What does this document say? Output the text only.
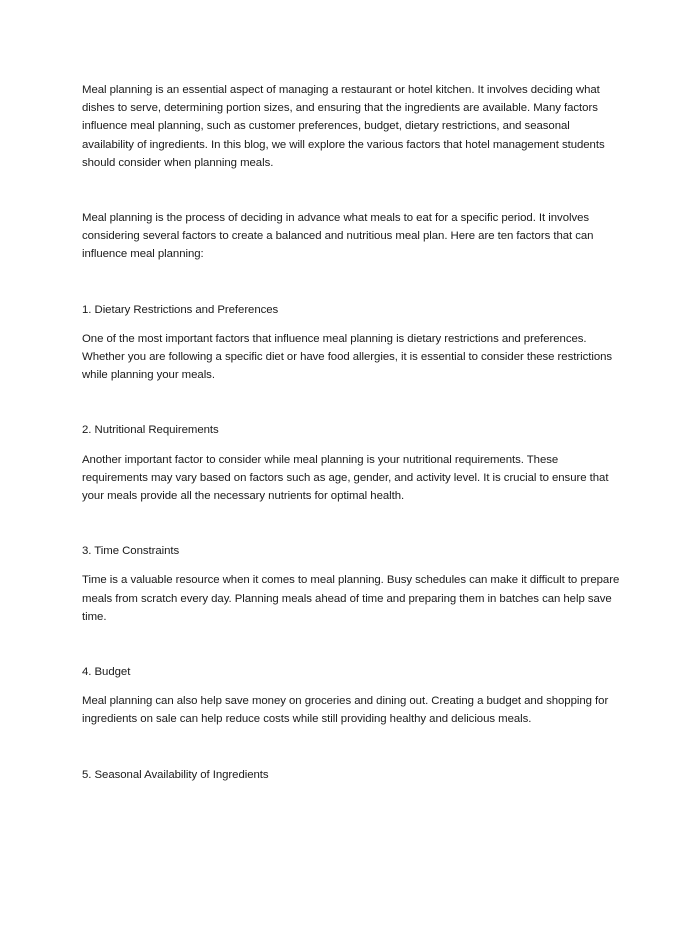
Meal planning is an essential aspect of managing a restaurant or hotel kitchen. It involves deciding what dishes to serve, determining portion sizes, and ensuring that the ingredients are available. Many factors influence meal planning, such as customer preferences, budget, dietary restrictions, and seasonal availability of ingredients. In this blog, we will explore the various factors that hotel management students should consider when planning meals.

Meal planning is the process of deciding in advance what meals to eat for a specific period. It involves considering several factors to create a balanced and nutritious meal plan. Here are ten factors that can influence meal planning:

1. Dietary Restrictions and Preferences

One of the most important factors that influence meal planning is dietary restrictions and preferences. Whether you are following a specific diet or have food allergies, it is essential to consider these restrictions while planning your meals.

2. Nutritional Requirements

Another important factor to consider while meal planning is your nutritional requirements. These requirements may vary based on factors such as age, gender, and activity level. It is crucial to ensure that your meals provide all the necessary nutrients for optimal health.

3. Time Constraints

Time is a valuable resource when it comes to meal planning. Busy schedules can make it difficult to prepare meals from scratch every day. Planning meals ahead of time and preparing them in batches can help save time.

4. Budget

Meal planning can also help save money on groceries and dining out. Creating a budget and shopping for ingredients on sale can help reduce costs while still providing healthy and delicious meals.

5. Seasonal Availability of Ingredients
